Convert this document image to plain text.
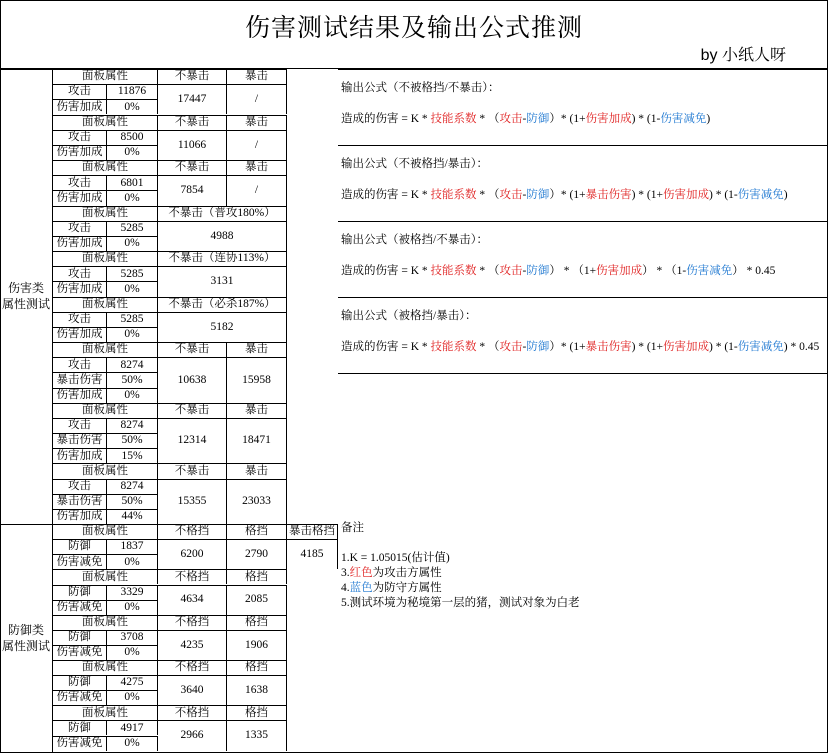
伤害测试结果及输出公式推测
by 小纸人呀
伤害类
属性测试
防御类
属性测试
面板属性	不暴击	暴击
攻击	11876
伤害加成	0%
17447	/
面板属性	不暴击	暴击
攻击	8500
伤害加成	0%
11066	/
面板属性	不暴击	暴击
攻击	6801
伤害加成	0%
7854	/
面板属性	不暴击（普攻180%）
攻击	5285
伤害加成	0%
4988
面板属性	不暴击（连协113%）
攻击	5285
伤害加成	0%
3131
面板属性	不暴击（必杀187%）
攻击	5285
伤害加成	0%
5182
面板属性	不暴击	暴击
攻击	8274
暴击伤害	50%
伤害加成	0%
10638	15958
面板属性	不暴击	暴击
攻击	8274
暴击伤害	50%
伤害加成	15%
12314	18471
面板属性	不暴击	暴击
攻击	8274
暴击伤害	50%
伤害加成	44%
15355	23033
面板属性	不格挡	格挡	暴击格挡
防御	1837
伤害减免	0%
6200	2790	4185
面板属性	不格挡	格挡
防御	3329
伤害减免	0%
4634	2085
面板属性	不格挡	格挡
防御	3708
伤害减免	0%
4235	1906
面板属性	不格挡	格挡
防御	4275
伤害减免	0%
3640	1638
面板属性	不格挡	格挡
防御	4917
伤害减免	0%
2966	1335
输出公式（不被格挡/不暴击）：
造成的伤害 = K * 技能系数 * （攻击-防御）* (1+伤害加成) * (1-伤害减免)
输出公式（不被格挡/暴击）：
造成的伤害 = K * 技能系数 * （攻击-防御）* (1+暴击伤害) * (1+伤害加成) * (1-伤害减免)
输出公式（被格挡/不暴击）：
造成的伤害 = K * 技能系数 * （攻击-防御） * （1+伤害加成） * （1-伤害减免） * 0.45
输出公式（被格挡/暴击）：
造成的伤害 = K * 技能系数 * （攻击-防御）* (1+暴击伤害) * (1+伤害加成) * (1-伤害减免) * 0.45
备注
1.K = 1.05015(估计值)
3.红色为攻击方属性
4.蓝色为防守方属性
5.测试环境为秘境第一层的猪，测试对象为白老
